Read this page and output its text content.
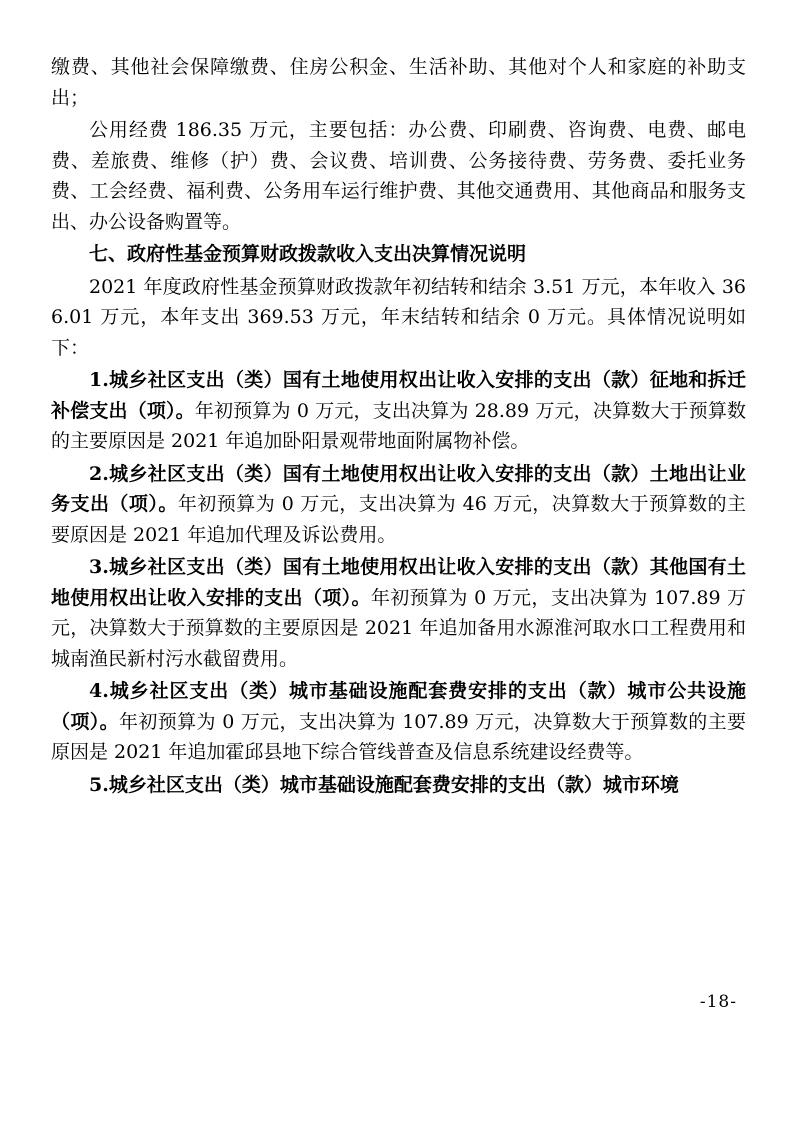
缴费、其他社会保障缴费、住房公积金、生活补助、其他对个人和家庭的补助支出；

公用经费 186.35 万元，主要包括：办公费、印刷费、咨询费、电费、邮电费、差旅费、维修（护）费、会议费、培训费、公务接待费、劳务费、委托业务费、工会经费、福利费、公务用车运行维护费、其他交通费用、其他商品和服务支出、办公设备购置等。

七、政府性基金预算财政拨款收入支出决算情况说明

2021 年度政府性基金预算财政拨款年初结转和结余 3.51 万元，本年收入 366.01 万元，本年支出 369.53 万元，年末结转和结余 0 万元。具体情况说明如下：

1.城乡社区支出（类）国有土地使用权出让收入安排的支出（款）征地和拆迁补偿支出（项）。年初预算为 0 万元，支出决算为 28.89 万元，决算数大于预算数的主要原因是 2021 年追加卧阳景观带地面附属物补偿。

2.城乡社区支出（类）国有土地使用权出让收入安排的支出（款）土地出让业务支出（项）。年初预算为 0 万元，支出决算为 46 万元，决算数大于预算数的主要原因是 2021 年追加代理及诉讼费用。

3.城乡社区支出（类）国有土地使用权出让收入安排的支出（款）其他国有土地使用权出让收入安排的支出（项）。年初预算为 0 万元，支出决算为 107.89 万元，决算数大于预算数的主要原因是 2021 年追加备用水源淮河取水口工程费用和城南渔民新村污水截留费用。

4.城乡社区支出（类）城市基础设施配套费安排的支出（款）城市公共设施（项）。年初预算为 0 万元，支出决算为 107.89 万元，决算数大于预算数的主要原因是 2021 年追加霍邱县地下综合管线普查及信息系统建设经费等。

5.城乡社区支出（类）城市基础设施配套费安排的支出（款）城市环境

-18-
